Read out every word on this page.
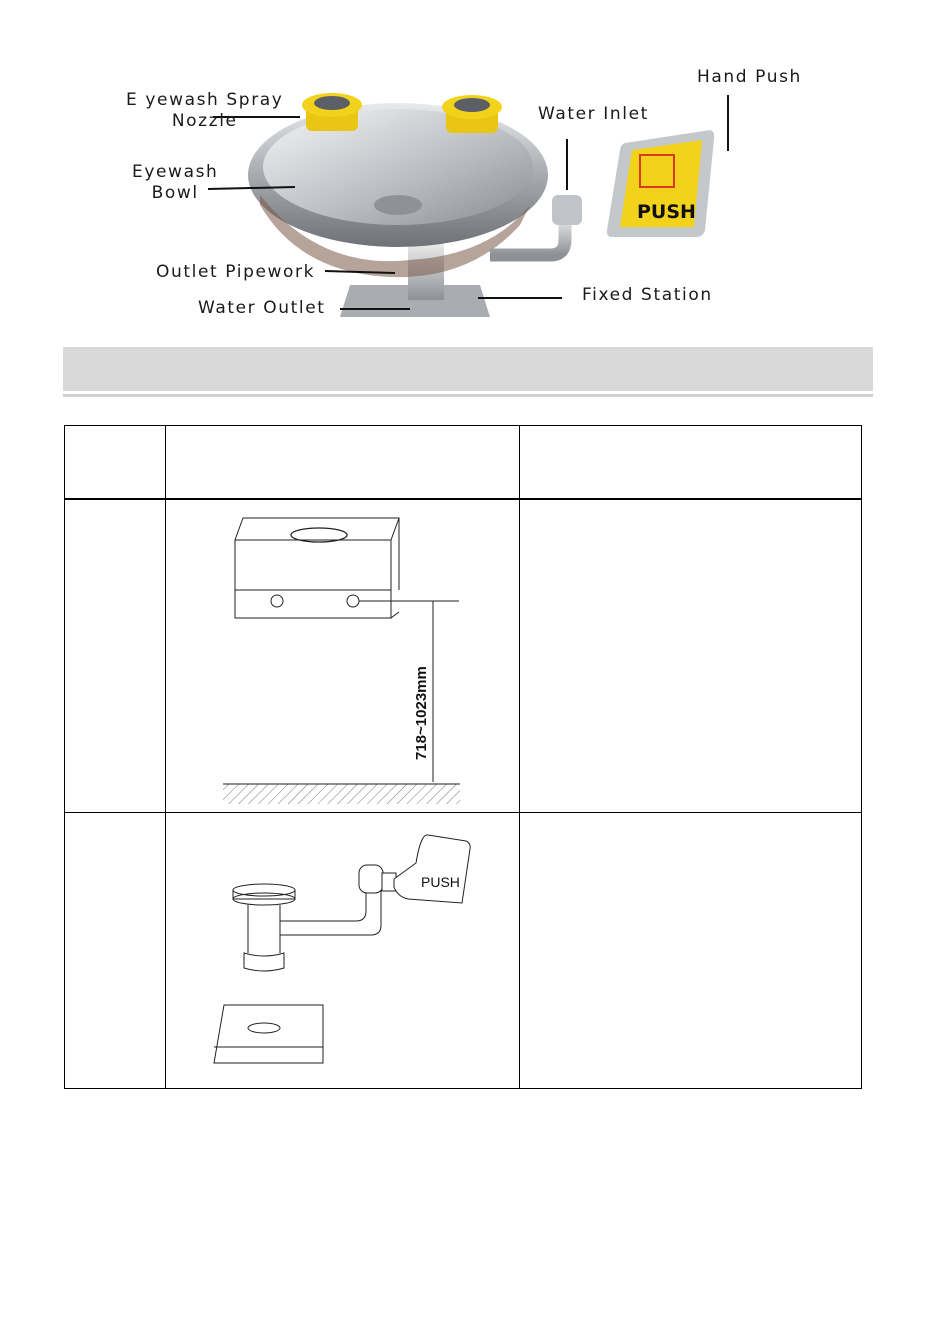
PUSH
E yewash Spray
Nozzle
Eyewash
Bowl
Outlet Pipework
Water Outlet
Water Inlet
Hand Push
Fixed Station
718~1023mm
PUSH
